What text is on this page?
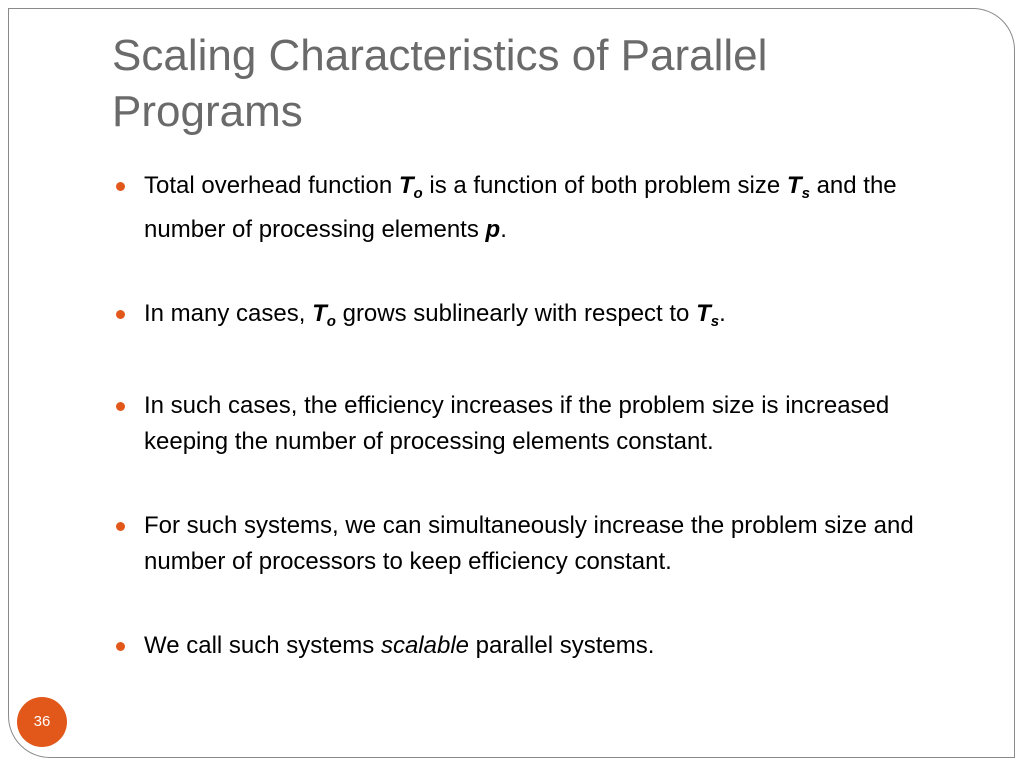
Scaling Characteristics of Parallel Programs
Total overhead function $T_o$ is a function of both problem size $T_s$ and the number of processing elements p.
In many cases, $T_o$ grows sublinearly with respect to $T_s$.
In such cases, the efficiency increases if the problem size is increased keeping the number of processing elements constant.
For such systems, we can simultaneously increase the problem size and number of processors to keep efficiency constant.
We call such systems scalable parallel systems.
36
